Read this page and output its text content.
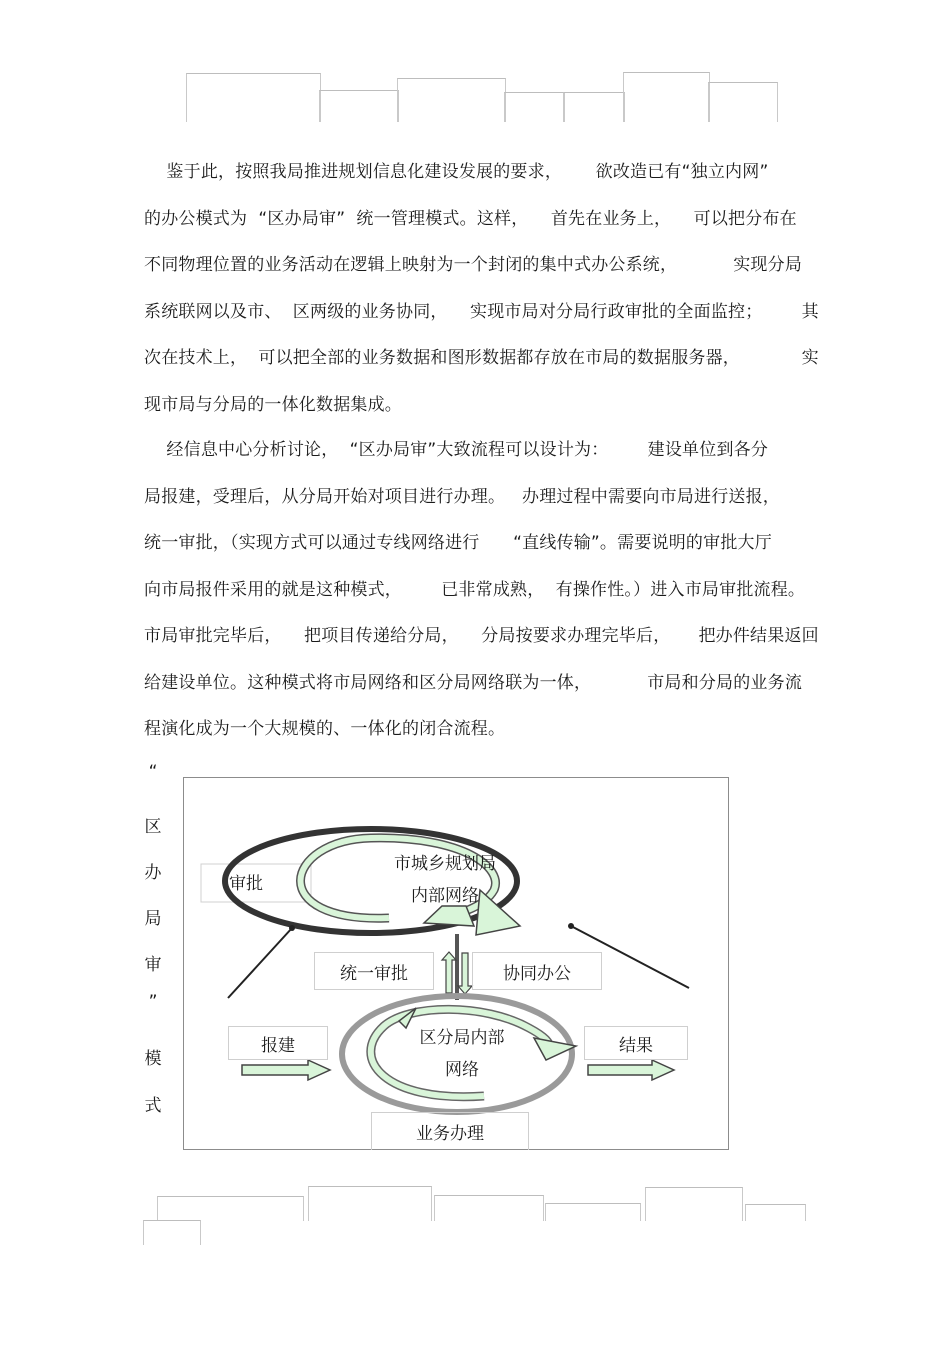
鉴于此，按照我局推进规划信息化建设发展的要求，      欲改造已有“独立内网”
的办公模式为  “区办局审”  统一管理模式。这样，    首先在业务上，    可以把分布在
不同物理位置的业务活动在逻辑上映射为一个封闭的集中式办公系统，          实现分局
系统联网以及市、  区两级的业务协同，    实现市局对分局行政审批的全面监控；       其
次在技术上，  可以把全部的业务数据和图形数据都存放在市局的数据服务器，           实
现市局与分局的一体化数据集成。
经信息中心分析讨论，  “区办局审”大致流程可以设计为：       建设单位到各分
局报建，受理后，从分局开始对项目进行办理。   办理过程中需要向市局进行送报，
统一审批，（实现方式可以通过专线网络进行      “直线传输”。需要说明的审批大厅
向市局报件采用的就是这种模式，       已非常成熟，  有操作性。）进入市局审批流程。
市局审批完毕后，    把项目传递给分局，    分局按要求办理完毕后，     把办件结果返回
给建设单位。这种模式将市局网络和区分局网络联为一体，          市局和分局的业务流
程演化成为一个大规模的、一体化的闭合流程。
“
区
办
局
审
”
模
式
市城乡规划局
内部网络
审批
统一审批	协同办公
区分局内部
网络
报建	结果
业务办理
